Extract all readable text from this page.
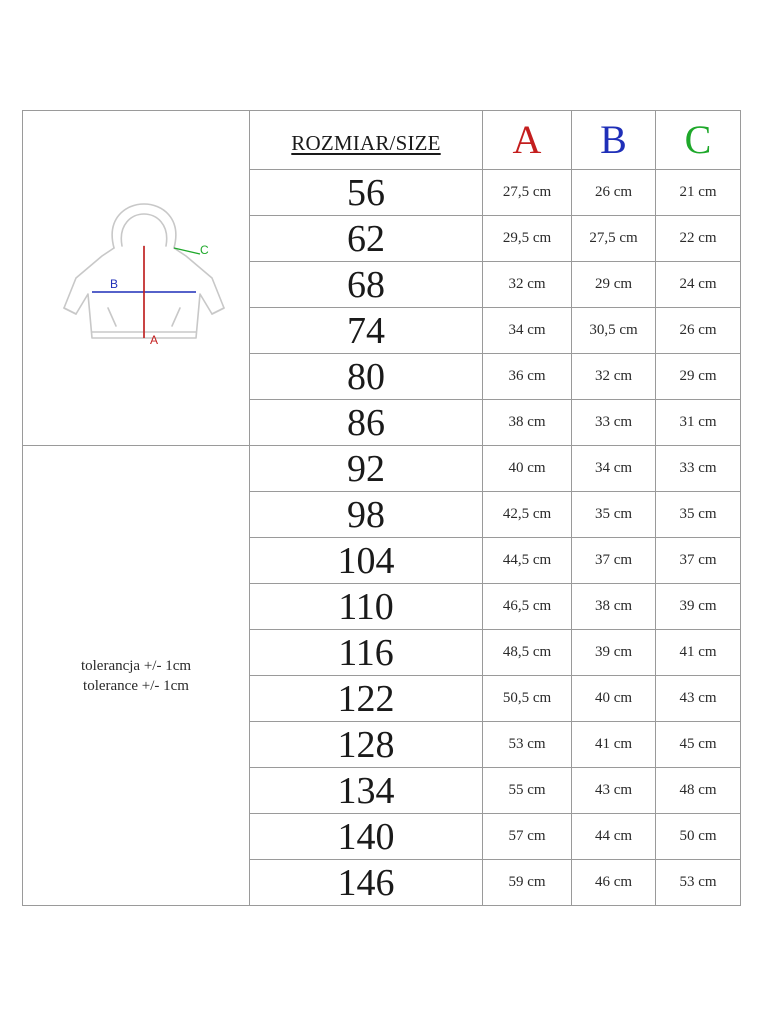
B
A
C	ROZMIAR/SIZE	A	B	C
	56	27,5 cm	26 cm	21 cm
	62	29,5 cm	27,5 cm	22 cm
	68	32 cm	29 cm	24 cm
	74	34 cm	30,5 cm	26 cm
	80	36 cm	32 cm	29 cm
	86	38 cm	33 cm	31 cm

tolerancja +/- 1cm
tolerance +/- 1cm	92	40 cm	34 cm	33 cm
	98	42,5 cm	35 cm	35 cm
	104	44,5 cm	37 cm	37 cm
	110	46,5 cm	38 cm	39 cm
	116	48,5 cm	39 cm	41 cm
	122	50,5 cm	40 cm	43 cm
	128	53 cm	41 cm	45 cm
	134	55 cm	43 cm	48 cm
	140	57 cm	44 cm	50 cm
	146	59 cm	46 cm	53 cm
